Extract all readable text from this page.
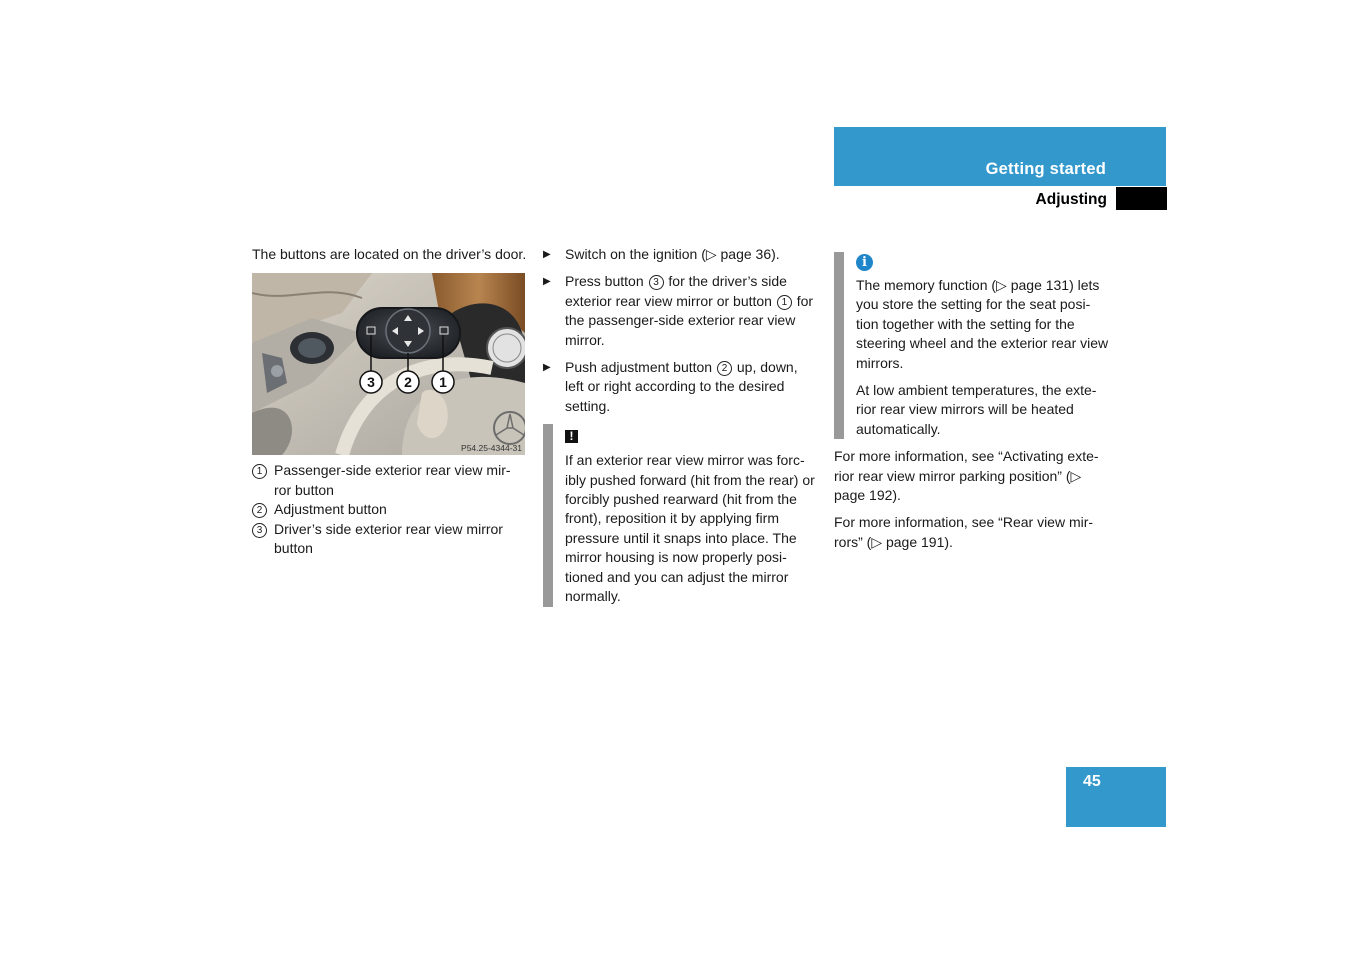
Getting started
Adjusting

The buttons are located on the driver’s door.

3 2 1
P54.25-4344-31
1 Passenger-side exterior rear view mir-ror button
2 Adjustment button
3 Driver’s side exterior rear view mirror button
▶	Switch on the ignition (▷ page 36).
▶	Press button 3 for the driver’s side exterior rear view mirror or button 1 for the passenger-side exterior rear view mirror.
▶	Push adjustment button 2 up, down, left or right according to the desired setting.
!

If an exterior rear view mirror was forc-ibly pushed forward (hit from the rear) or forcibly pushed rearward (hit from the front), reposition it by applying firm pressure until it snaps into place. The mirror housing is now properly posi-tioned and you can adjust the mirror normally.

i

The memory function (▷ page 131) lets you store the setting for the seat posi-tion together with the setting for the steering wheel and the exterior rear view mirrors.

At low ambient temperatures, the exte-rior rear view mirrors will be heated automatically.

For more information, see “Activating exte-rior rear view mirror parking position” (▷ page 192).

For more information, see “Rear view mir-rors” (▷ page 191).

45
